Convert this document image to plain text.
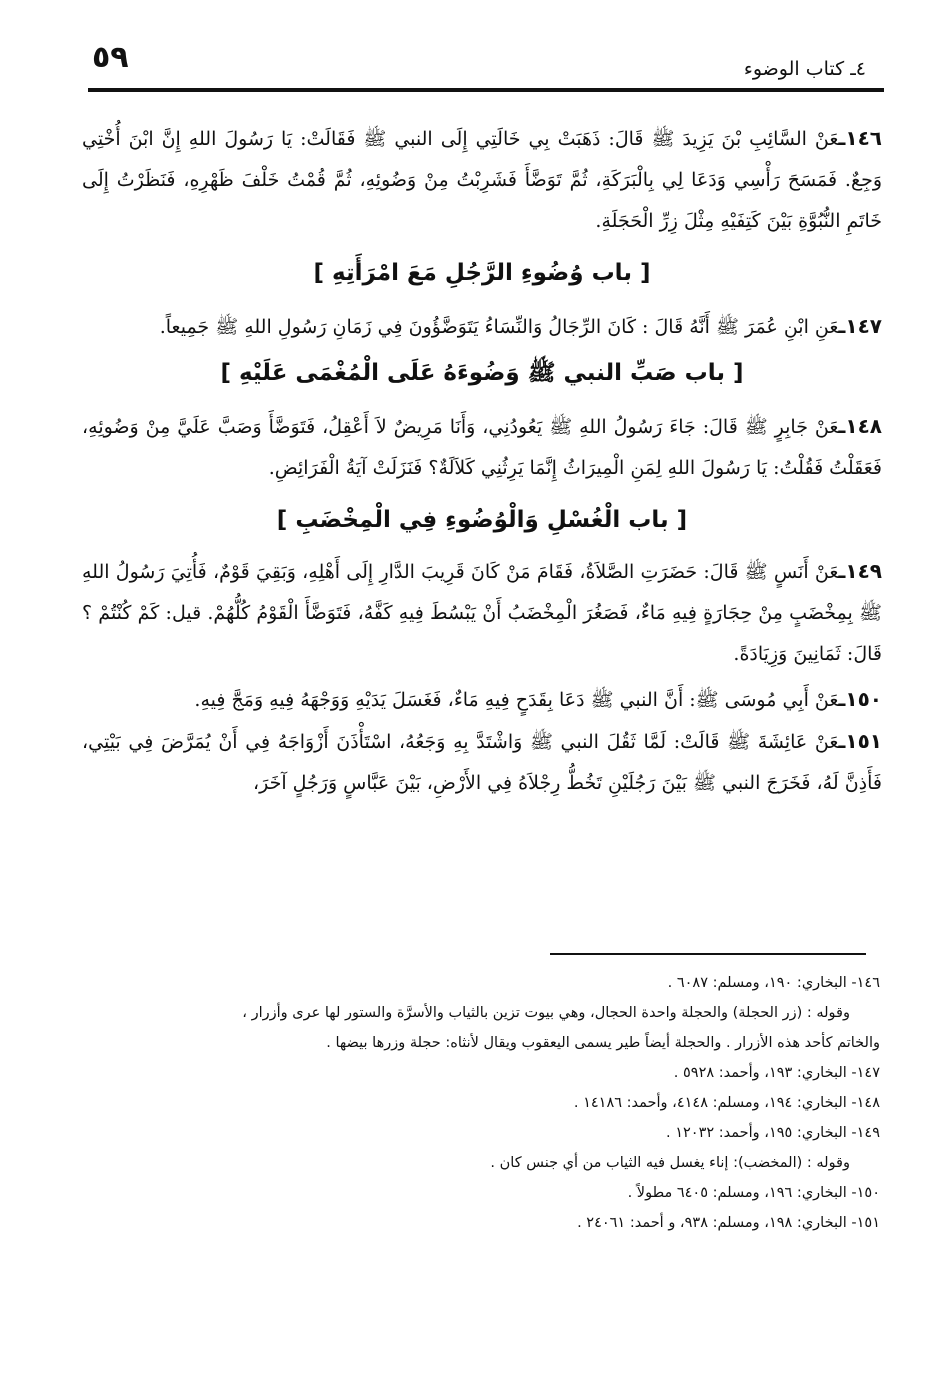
٥٩	٤ـ كتاب الوضوء

١٤٦ـعَنْ السَّائِبِ بْنَ يَزِيدَ ﷺ قَالَ: ذَهَبَتْ بِي خَالَتِي إِلَى النبي ﷺ فَقَالَتْ: يَا رَسُولَ اللهِ إِنَّ ابْنَ أُخْتِي وَجِعٌ. فَمَسَحَ رَأْسِي وَدَعَا لِي بِالْبَرَكَةِ، ثُمَّ تَوَضَّأَ فَشَرِبْتُ مِنْ وَضُوئِهِ، ثُمَّ قُمْتُ خَلْفَ ظَهْرِهِ، فَنَظَرْتُ إِلَى خَاتَمِ النُّبُوَّةِ بَيْنَ كَتِفَيْهِ مِثْلَ زِرِّ الْحَجَلَةِ.

[ باب وُضُوءِ الرَّجُلِ مَعَ امْرَأَتِهِ ]

١٤٧ـعَنِ ابْنِ عُمَرَ ﷺ أَنَّهُ قَالَ : كَانَ الرِّجَالُ وَالنِّسَاءُ يَتَوَضَّؤُونَ فِي زَمَانِ رَسُولِ اللهِ ﷺ جَمِيعاً.

[ باب صَبِّ النبي ﷺ وَضُوءَهُ عَلَى الْمُغْمَى عَلَيْهِ ]

١٤٨ـعَنْ جَابِرٍ ﷺ قَالَ: جَاءَ رَسُولُ اللهِ ﷺ يَعُودُنِي، وَأَنَا مَرِيضٌ لاَ أَعْقِلُ، فَتَوَضَّأَ وَصَبَّ عَلَيَّ مِنْ وَضُوئِهِ، فَعَقَلْتُ فَقُلْتُ: يَا رَسُولَ اللهِ لِمَنِ الْمِيرَاثُ إِنَّمَا يَرِثُنِي كَلاَلَةٌ؟ فَنَزَلَتْ آيَةُ الْفَرَائِضِ.

[ باب الْغُسْلِ وَالْوُضُوءِ فِي الْمِخْضَبِ ]

١٤٩ـعَنْ أَنَسٍ ﷺ قَالَ: حَضَرَتِ الصَّلاَةُ، فَقَامَ مَنْ كَانَ قَرِيبَ الدَّارِ إِلَى أَهْلِهِ، وَبَقِيَ قَوْمٌ، فَأُتِيَ رَسُولُ اللهِ ﷺ بِمِخْضَبٍ مِنْ حِجَارَةٍ فِيهِ مَاءٌ، فَصَغُرَ الْمِخْضَبُ أَنْ يَبْسُطَ فِيهِ كَفَّهُ، فَتَوَضَّأَ الْقَوْمُ كُلُّهُمْ. قيل: كَمْ كُنْتُمْ ؟ قَالَ: ثَمَانِينَ وَزِيَادَةً.

١٥٠ـعَنْ أَبِي مُوسَى ﷺ: أَنَّ النبي ﷺ دَعَا بِقَدَحٍ فِيهِ مَاءٌ، فَغَسَلَ يَدَيْهِ وَوَجْهَهُ فِيهِ وَمَجَّ فِيهِ.

١٥١ـعَنْ عَائِشَةَ ﷺ قَالَتْ: لَمَّا ثَقُلَ النبي ﷺ وَاشْتَدَّ بِهِ وَجَعُهُ، اسْتَأْذَنَ أَزْوَاجَهُ فِي أَنْ يُمَرَّضَ فِي بَيْتِي، فَأَذِنَّ لَهُ، فَخَرَجَ النبي ﷺ بَيْنَ رَجُلَيْنِ تَخُطُّ رِجْلاَهُ فِي الأَرْضِ، بَيْنَ عَبَّاسٍ وَرَجُلٍ آخَرَ،

١٤٦- البخاري: ١٩٠، ومسلم: ٦٠٨٧ .

وقوله : (زر الحجلة) والحجلة واحدة الحجال، وهي بيوت تزين بالثياب والأسرَّة والستور لها عرى وأزرار ،

والخاتم كأحد هذه الأزرار . والحجلة أيضاً طير يسمى اليعقوب ويقال لأنثاه: حجلة وزرها بيضها .

١٤٧- البخاري: ١٩٣، وأحمد: ٥٩٢٨ .

١٤٨- البخاري: ١٩٤، ومسلم: ٤١٤٨، وأحمد: ١٤١٨٦ .

١٤٩- البخاري: ١٩٥، وأحمد: ١٢٠٣٢ .

وقوله : (المخضب): إناء يغسل فيه الثياب من أي جنس كان .

١٥٠- البخاري: ١٩٦، ومسلم: ٦٤٠٥ مطولاً .

١٥١- البخاري: ١٩٨، ومسلم: ٩٣٨، و أحمد: ٢٤٠٦١ .
